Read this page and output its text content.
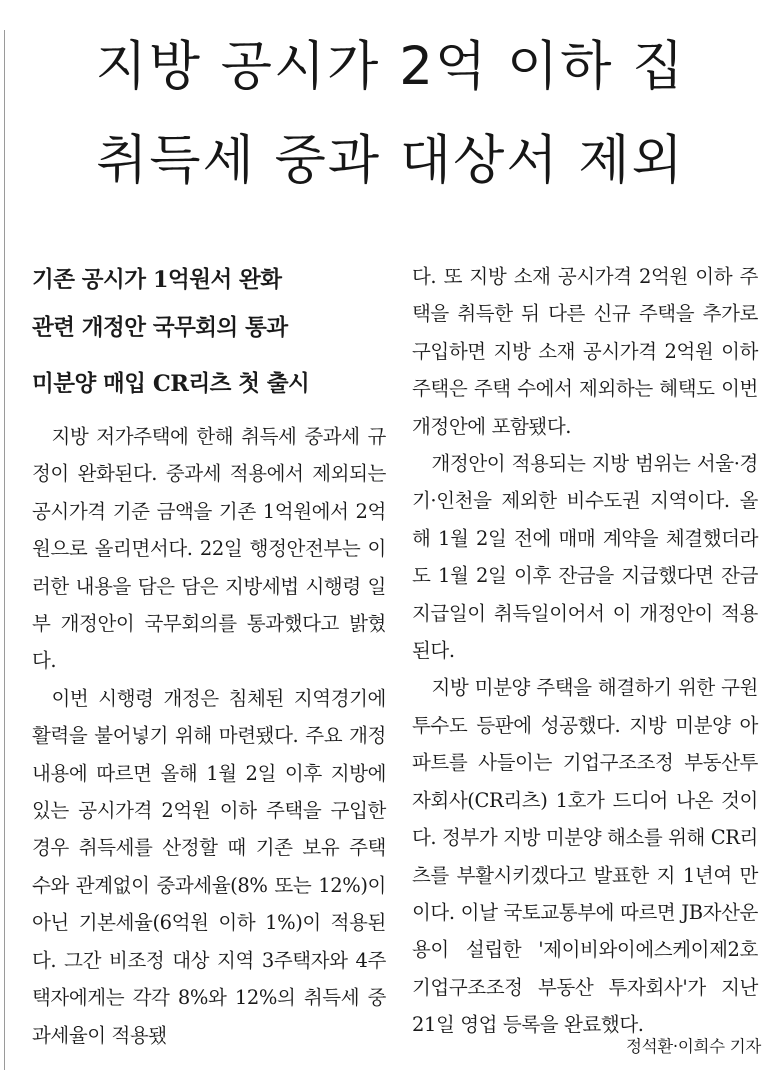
지방 공시가 2억 이하 집
취득세 중과 대상서 제외
기존 공시가 1억원서 완화
관련 개정안 국무회의 통과
미분양 매입 CR리츠 첫 출시

지방 저가주택에 한해 취득세 중과세 규정이 완화된다. 중과세 적용에서 제외되는 공시가격 기준 금액을 기존 1억원에서 2억원으로 올리면서다. 22일 행정안전부는 이러한 내용을 담은 담은 지방세법 시행령 일부 개정안이 국무회의를 통과했다고 밝혔다.

이번 시행령 개정은 침체된 지역경기에 활력을 불어넣기 위해 마련됐다. 주요 개정 내용에 따르면 올해 1월 2일 이후 지방에 있는 공시가격 2억원 이하 주택을 구입한 경우 취득세를 산정할 때 기존 보유 주택 수와 관계없이 중과세율(8% 또는 12%)이 아닌 기본세율(6억원 이하 1%)이 적용된다. 그간 비조정 대상 지역 3주택자와 4주택자에게는 각각 8%와 12%의 취득세 중과세율이 적용됐

다. 또 지방 소재 공시가격 2억원 이하 주택을 취득한 뒤 다른 신규 주택을 추가로 구입하면 지방 소재 공시가격 2억원 이하 주택은 주택 수에서 제외하는 혜택도 이번 개정안에 포함됐다.

개정안이 적용되는 지방 범위는 서울·경기·인천을 제외한 비수도권 지역이다. 올해 1월 2일 전에 매매 계약을 체결했더라도 1월 2일 이후 잔금을 지급했다면 잔금 지급일이 취득일이어서 이 개정안이 적용된다.

지방 미분양 주택을 해결하기 위한 구원투수도 등판에 성공했다. 지방 미분양 아파트를 사들이는 기업구조조정 부동산투자회사(CR리츠) 1호가 드디어 나온 것이다. 정부가 지방 미분양 해소를 위해 CR리츠를 부활시키겠다고 발표한 지 1년여 만이다. 이날 국토교통부에 따르면 JB자산운용이 설립한 '제이비와이에스케이제2호 기업구조조정 부동산 투자회사'가 지난 21일 영업 등록을 완료했다.

정석환·이희수 기자
